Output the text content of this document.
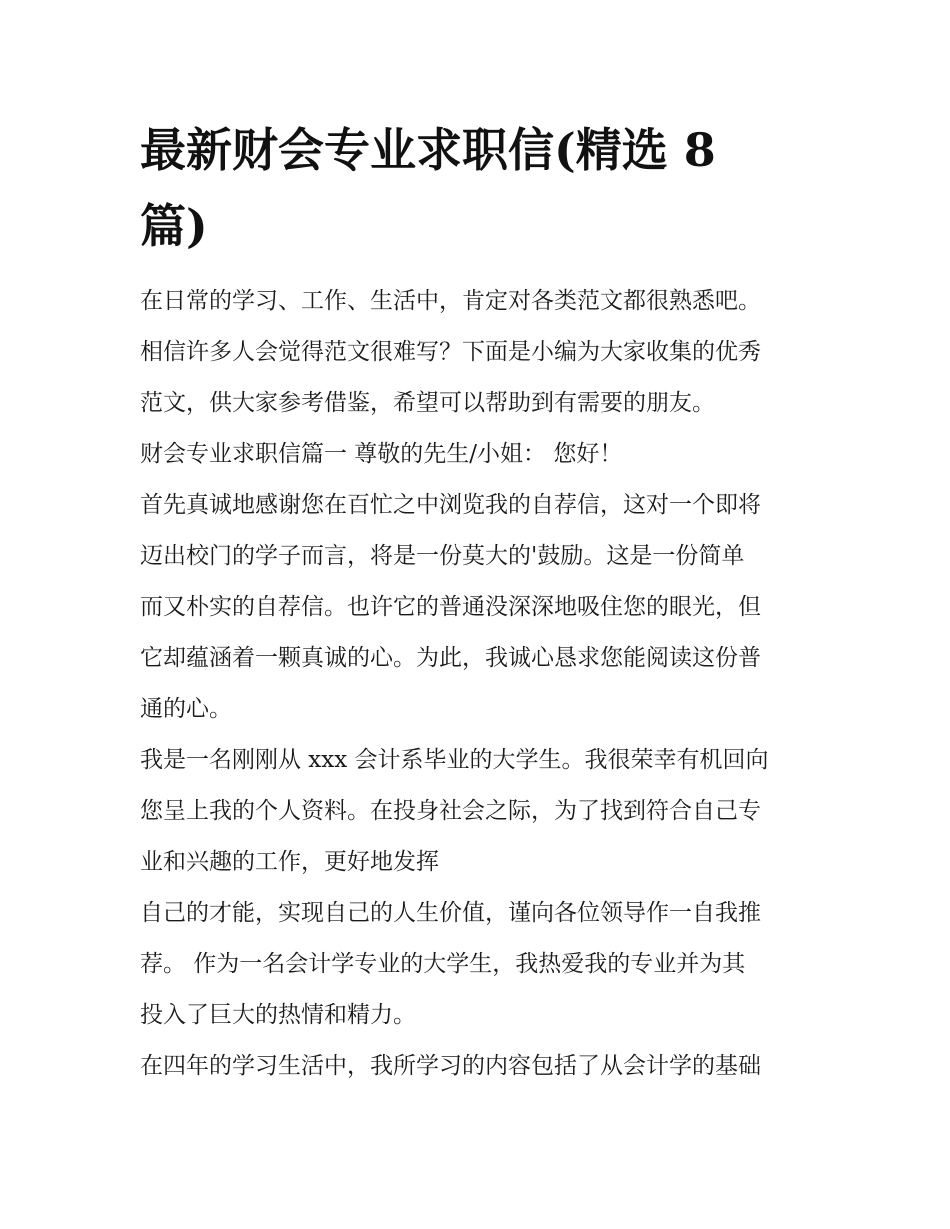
最新财会专业求职信(精选 8
篇)
在日常的学习、工作、生活中，肯定对各类范文都很熟悉吧。
相信许多人会觉得范文很难写？下面是小编为大家收集的优秀
范文，供大家参考借鉴，希望可以帮助到有需要的朋友。
财会专业求职信篇一 尊敬的先生/小姐： 您好！
首先真诚地感谢您在百忙之中浏览我的自荐信，这对一个即将
迈出校门的学子而言，将是一份莫大的'鼓励。这是一份简单
而又朴实的自荐信。也许它的普通没深深地吸住您的眼光，但
它却蕴涵着一颗真诚的心。为此，我诚心恳求您能阅读这份普
通的心。
我是一名刚刚从 xxx 会计系毕业的大学生。我很荣幸有机回向
您呈上我的个人资料。在投身社会之际，为了找到符合自己专
业和兴趣的工作，更好地发挥
自己的才能，实现自己的人生价值，谨向各位领导作一自我推
荐。 作为一名会计学专业的大学生，我热爱我的专业并为其
投入了巨大的热情和精力。
在四年的学习生活中，我所学习的内容包括了从会计学的基础
